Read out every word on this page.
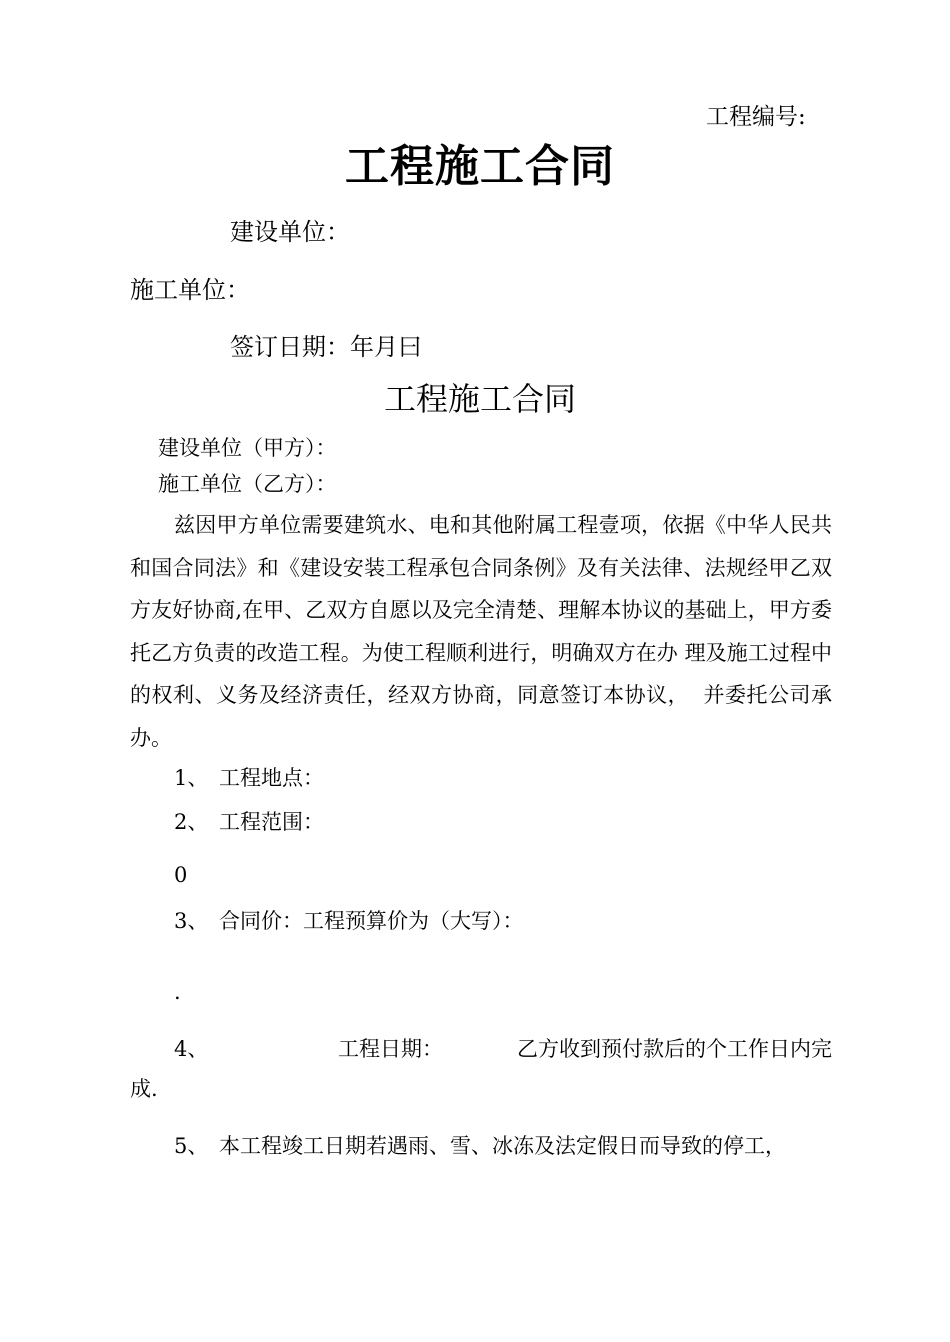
工程编号:
工程施工合同
建设单位：
施工单位：
签订日期：年月曰
工程施工合同
建设单位（甲方）：
施工单位（乙方）：
兹因甲方单位需要建筑水、电和其他附属工程壹项，依据《中华人民共和国合同法》和《建设安装工程承包合同条例》及有关法律、法规经甲乙双方友好协商,在甲、乙双方自愿以及完全清楚、理解本协议的基础上，甲方委托乙方负责的改造工程。为使工程顺利进行，明确双方在办 理及施工过程中的权利、义务及经济责任，经双方协商，同意签订本协议，  并委托公司承办。
1、 工程地点：
2、 工程范围：
0
3、 合同价：工程预算价为（大写）：
.
4、	工程日期：	乙方收到预付款后的个工作日内完
成.
5、 本工程竣工日期若遇雨、雪、冰冻及法定假日而导致的停工，
